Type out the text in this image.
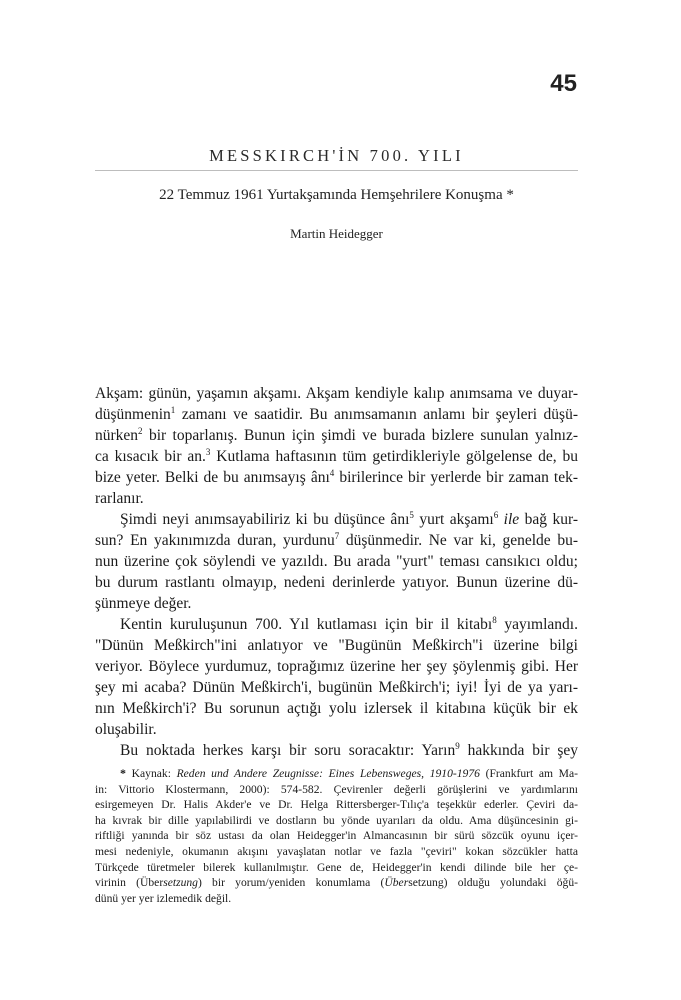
45
MESSKIRCH'İN 700. YILI
22 Temmuz 1961 Yurtakşamında Hemşehrilere Konuşma *
Martin Heidegger
Akşam: günün, yaşamın akşamı. Akşam kendiyle kalıp anımsama ve duyar-
düşünmenin$^1$ zamanı ve saatidir. Bu anımsamanın anlamı bir şeyleri düşü-
nürken$^2$ bir toparlanış. Bunun için şimdi ve burada bizlere sunulan yalnız-
ca kısacık bir an.$^3$ Kutlama haftasının tüm getirdikleriyle gölgelense de, bu
bize yeter. Belki de bu anımsayış ânı$^4$ birilerince bir yerlerde bir zaman tek-
rarlanır.
Şimdi neyi anımsayabiliriz ki bu düşünce ânı$^5$ yurt akşamı$^6$ ile bağ kur-
sun? En yakınımızda duran, yurdunu$^7$ düşünmedir. Ne var ki, genelde bu-
nun üzerine çok söylendi ve yazıldı. Bu arada "yurt" teması cansıkıcı oldu;
bu durum rastlantı olmayıp, nedeni derinlerde yatıyor. Bunun üzerine dü-
şünmeye değer.
Kentin kuruluşunun 700. Yıl kutlaması için bir il kitabı$^8$ yayımlandı.
"Dünün Meßkirch"ini anlatıyor ve "Bugünün Meßkirch"i üzerine bilgi
veriyor. Böylece yurdumuz, toprağımız üzerine her şey şöylenmiş gibi. Her
şey mi acaba? Dünün Meßkirch'i, bugünün Meßkirch'i; iyi! İyi de ya yarı-
nın Meßkirch'i? Bu sorunun açtığı yolu izlersek il kitabına küçük bir ek
oluşabilir.
Bu noktada herkes karşı bir soru soracaktır: Yarın$^9$ hakkında bir şey
* Kaynak: Reden und Andere Zeugnisse: Eines Lebensweges, 1910-1976 (Frankfurt am Ma-
in: Vittorio Klostermann, 2000): 574-582. Çevirenler değerli görüşlerini ve yardımlarını
esirgemeyen Dr. Halis Akder'e ve Dr. Helga Rittersberger-Tılıç'a teşekkür ederler. Çeviri da-
ha kıvrak bir dille yapılabilirdi ve dostların bu yönde uyarıları da oldu. Ama düşüncesinin gi-
riftliği yanında bir söz ustası da olan Heidegger'in Almancasının bir sürü sözcük oyunu içer-
mesi nedeniyle, okumanın akışını yavaşlatan notlar ve fazla "çeviri" kokan sözcükler hatta
Türkçede türetmeler bilerek kullanılmıştır. Gene de, Heidegger'in kendi dilinde bile her çe-
virinin (Übersetzung) bir yorum/yeniden konumlama (Übersetzung) olduğu yolundaki öğü-
dünü yer yer izlemedik değil.
